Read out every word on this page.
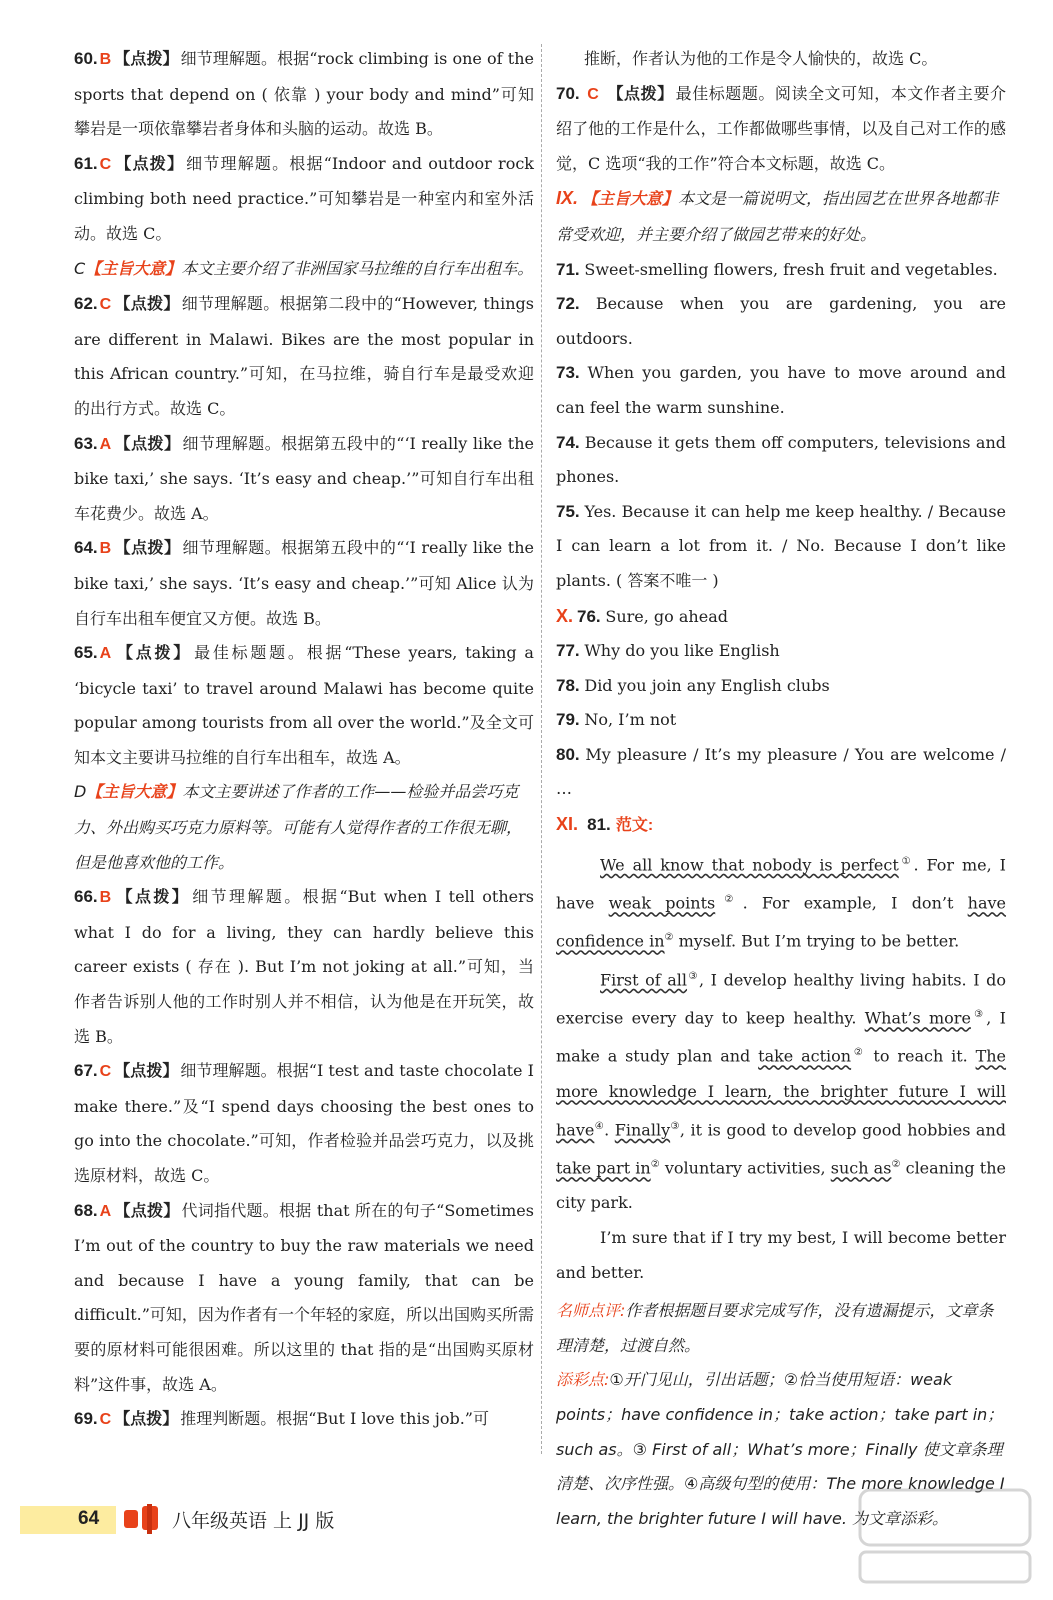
60. B 【点拨】 细节理解题。根据“rock climbing is one of the sports that depend on ( 依靠 ) your body and mind”可知攀岩是一项依靠攀岩者身体和头脑的运动。故选 B。
61. C 【点拨】 细节理解题。根据“Indoor and outdoor rock climbing both need practice.”可知攀岩是一种室内和室外活动。故选 C。
C【主旨大意】本文主要介绍了非洲国家马拉维的自行车出租车。
62. C 【点拨】 细节理解题。根据第二段中的“However, things are different in Malawi. Bikes are the most popular in this African country.”可知，在马拉维，骑自行车是最受欢迎的出行方式。故选 C。
63. A 【点拨】 细节理解题。根据第五段中的“‘I really like the bike taxi,’ she says. ‘It’s easy and cheap.’”可知自行车出租车花费少。故选 A。
64. B 【点拨】 细节理解题。根据第五段中的“‘I really like the bike taxi,’ she says. ‘It’s easy and cheap.’”可知 Alice 认为自行车出租车便宜又方便。故选 B。
65. A 【点拨】 最佳标题题。根据“These years, taking a ‘bicycle taxi’ to travel around Malawi has become quite popular among tourists from all over the world.”及全文可知本文主要讲马拉维的自行车出租车，故选 A。
D【主旨大意】本文主要讲述了作者的工作——检验并品尝巧克力、外出购买巧克力原料等。可能有人觉得作者的工作很无聊，但是他喜欢他的工作。
66. B 【点拨】 细节理解题。根据“But when I tell others what I do for a living, they can hardly believe this career exists ( 存在 ). But I’m not joking at all.”可知，当作者告诉别人他的工作时别人并不相信，认为他是在开玩笑，故选 B。
67. C 【点拨】 细节理解题。根据“I test and taste chocolate I make there.”及“I spend days choosing the best ones to go into the chocolate.”可知，作者检验并品尝巧克力，以及挑选原材料，故选 C。
68. A 【点拨】 代词指代题。根据 that 所在的句子“Sometimes I’m out of the country to buy the raw materials we need and because I have a young family, that can be difficult.”可知，因为作者有一个年轻的家庭，所以出国购买所需要的原材料可能很困难。所以这里的 that 指的是“出国购买原材料”这件事，故选 A。
69. C 【点拨】 推理判断题。根据“But I love this job.”可
推断，作者认为他的工作是令人愉快的，故选 C。
70. C 【点拨】 最佳标题题。阅读全文可知，本文作者主要介绍了他的工作是什么，工作都做哪些事情，以及自己对工作的感觉，C 选项“我的工作”符合本文标题，故选 C。
IX. 【主旨大意】本文是一篇说明文，指出园艺在世界各地都非常受欢迎，并主要介绍了做园艺带来的好处。
71. Sweet-smelling flowers, fresh fruit and vegetables.
72. Because when you are gardening, you are outdoors.
73. When you garden, you have to move around and can feel the warm sunshine.
74. Because it gets them off computers, televisions and phones.
75. Yes. Because it can help me keep healthy. / Because I can learn a lot from it. / No. Because I don’t like plants. ( 答案不唯一 )
X. 76. Sure, go ahead
77. Why do you like English
78. Did you join any English clubs
79. No, I’m not
80. My pleasure / It’s my pleasure / You are welcome / …
XI. 81. 范文:

We all know that nobody is perfect①. For me, I have weak points②. For example, I don’t have confidence in② myself. But I’m trying to be better.

First of all③, I develop healthy living habits. I do exercise every day to keep healthy. What’s more③, I make a study plan and take action② to reach it. The more knowledge I learn, the brighter future I will have④. Finally③, it is good to develop good hobbies and take part in② voluntary activities, such as② cleaning the city park.

I’m sure that if I try my best, I will become better and better.

名师点评:作者根据题目要求完成写作，没有遗漏提示，文章条理清楚，过渡自然。
添彩点:①开门见山，引出话题；②恰当使用短语：weak points；have confidence in；take action；take part in；such as。③ First of all；What’s more；Finally 使文章条理清楚、次序性强。④高级句型的使用：The more knowledge I learn, the brighter future I will have. 为文章添彩。
64	八年级英语 上 JJ 版
